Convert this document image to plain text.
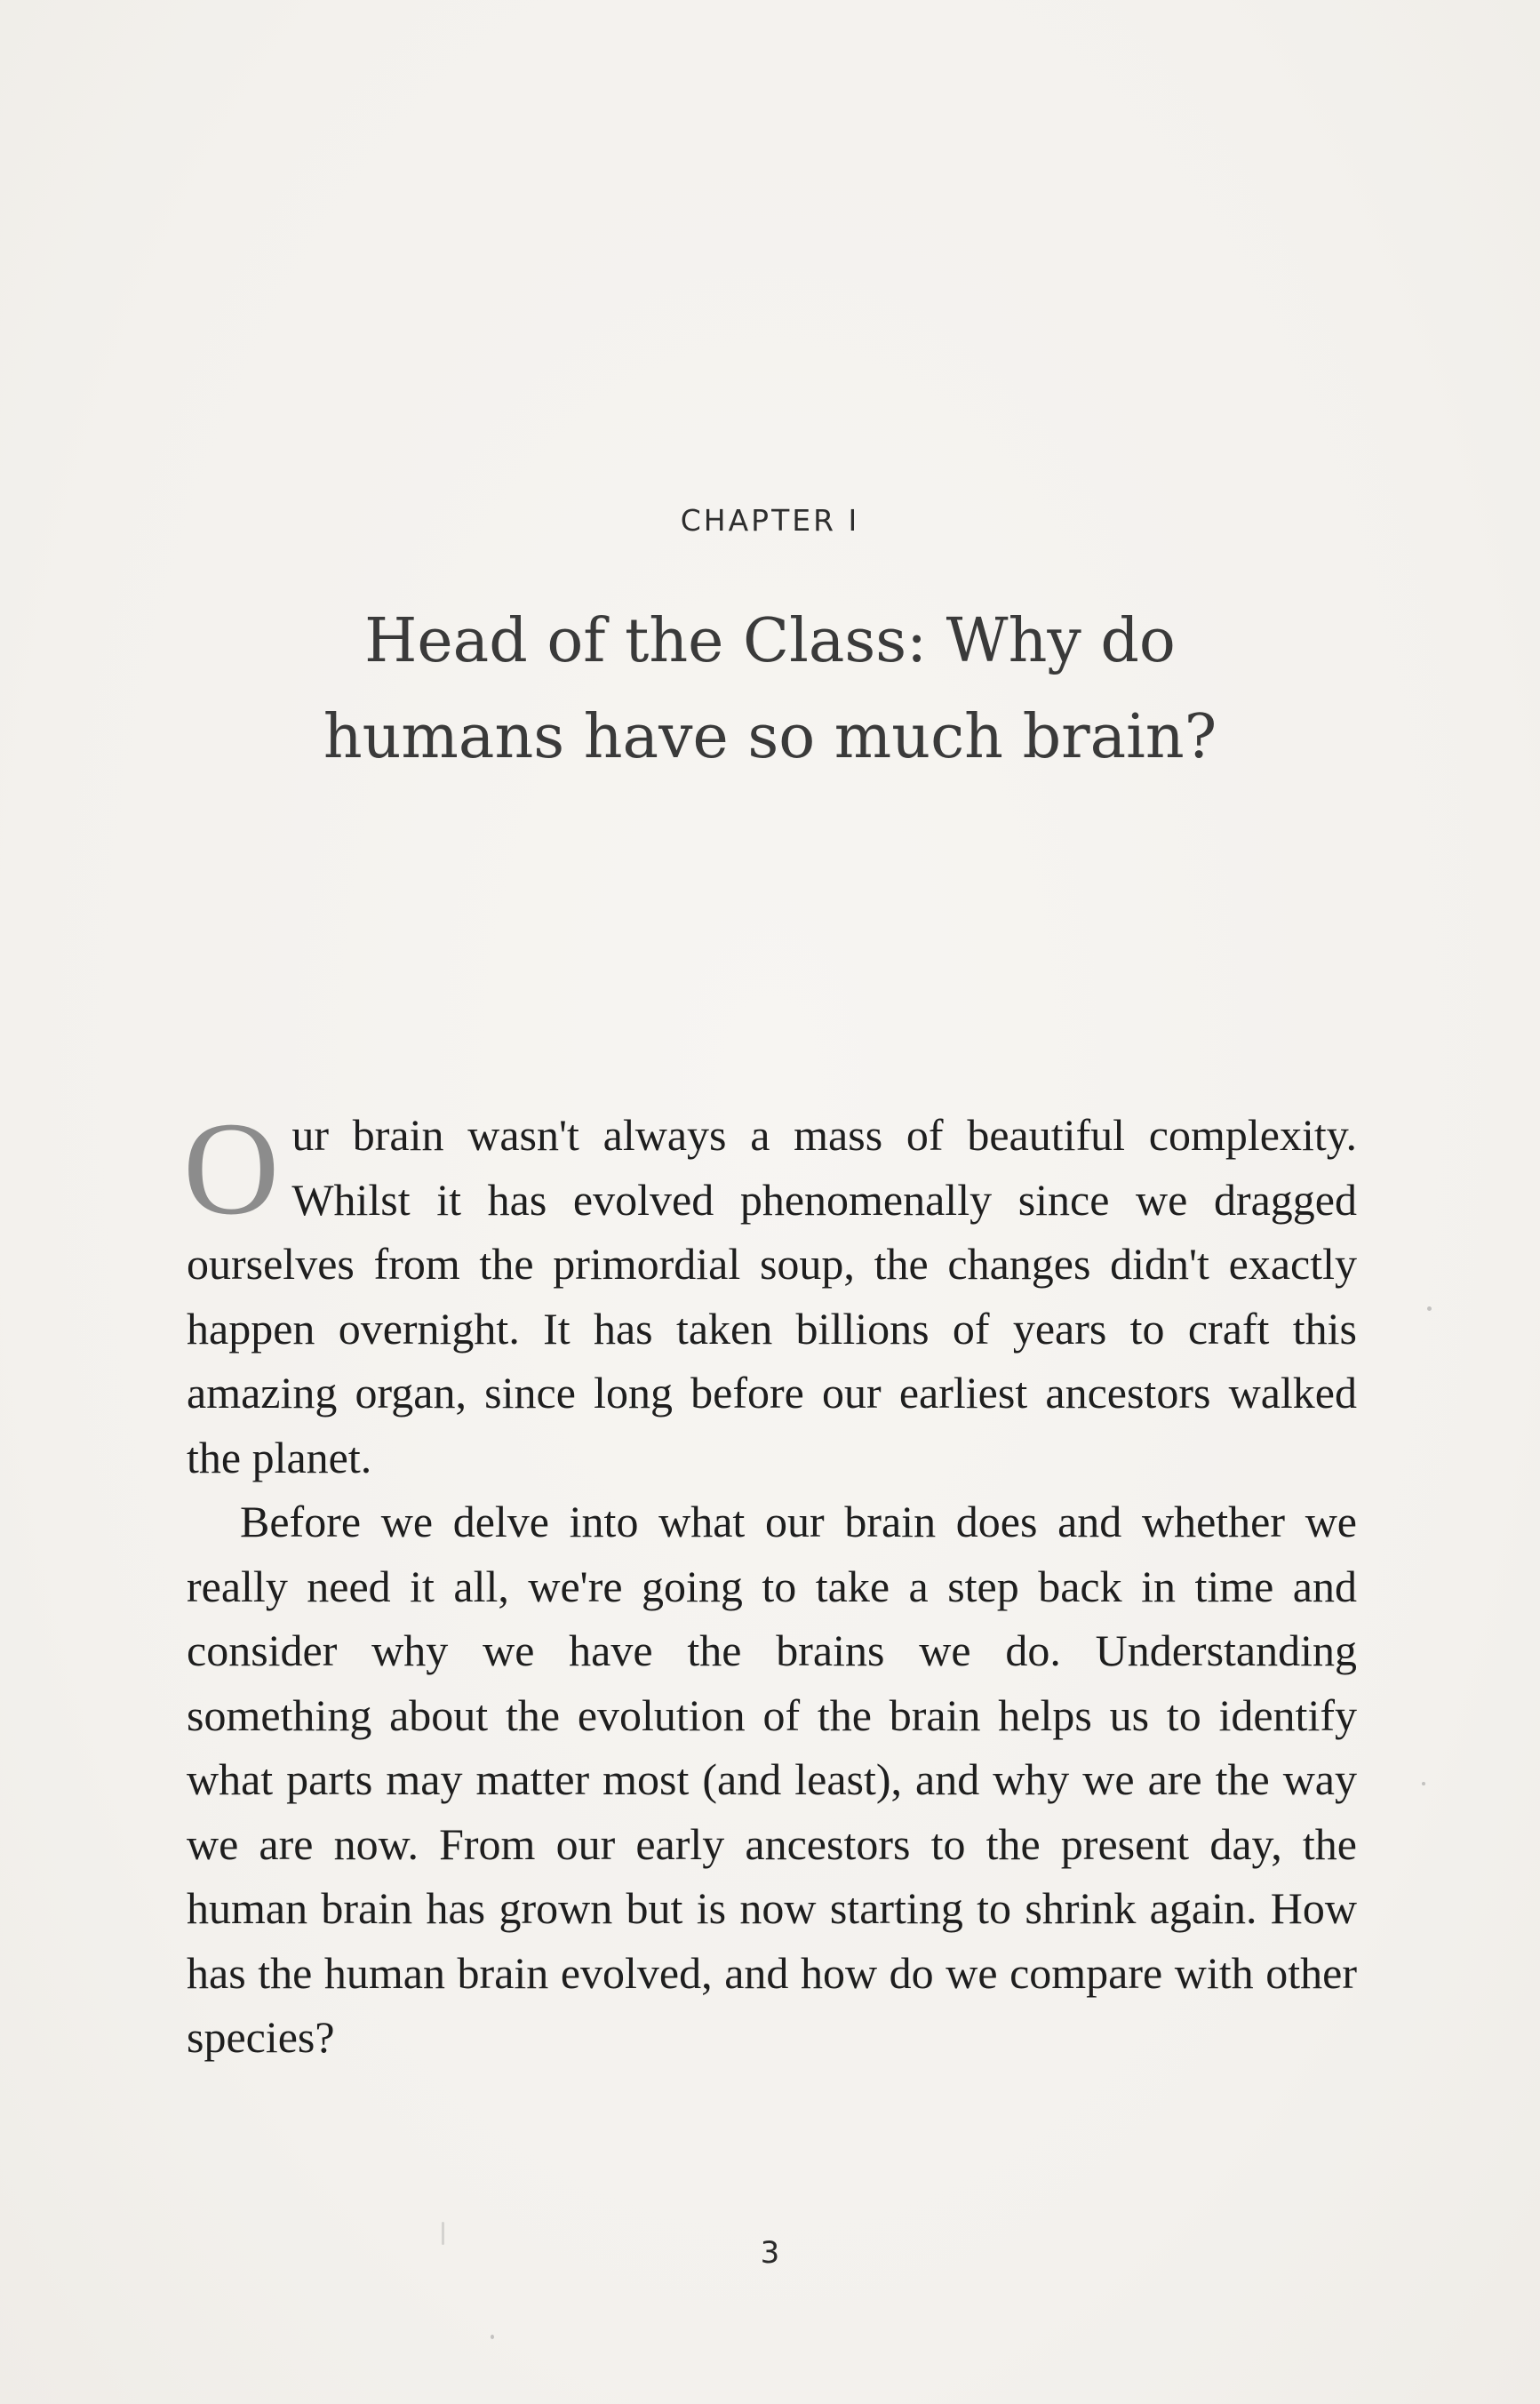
CHAPTER I
Head of the Class: Why do
humans have so much brain?

Our brain wasn't always a mass of beautiful complexity. Whilst it has evolved phenomenally since we dragged ourselves from the primordial soup, the changes didn't exactly happen overnight. It has taken billions of years to craft this amazing organ, since long before our earliest ancestors walked the planet.

Before we delve into what our brain does and whether we really need it all, we're going to take a step back in time and consider why we have the brains we do. Understanding something about the evolution of the brain helps us to identify what parts may matter most (and least), and why we are the way we are now. From our early ancestors to the present day, the human brain has grown but is now starting to shrink again. How has the human brain evolved, and how do we compare with other species?

3
